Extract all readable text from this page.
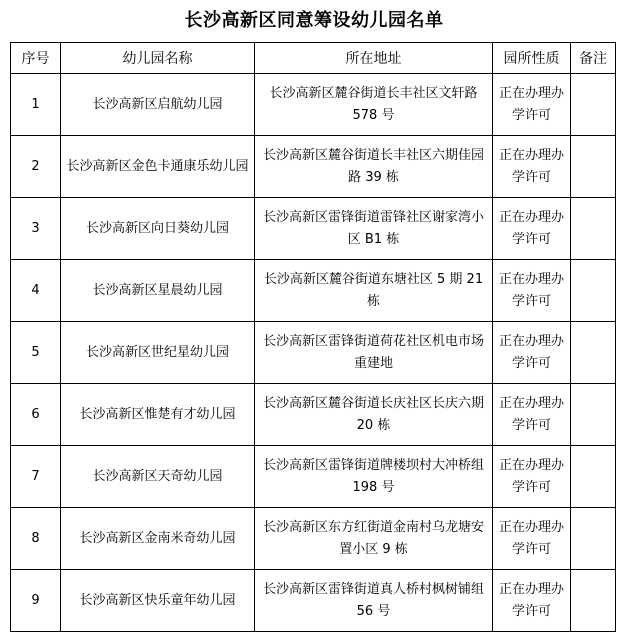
长沙高新区同意筹设幼儿园名单
序号	幼儿园名称	所在地址	园所性质	备注
1	长沙高新区启航幼儿园	长沙高新区麓谷街道长丰社区文轩路 578 号	正在办理办学许可	
2	长沙高新区金色卡通康乐幼儿园	长沙高新区麓谷街道长丰社区六期佳园路 39 栋	正在办理办学许可	
3	长沙高新区向日葵幼儿园	长沙高新区雷锋街道雷锋社区谢家湾小区 B1 栋	正在办理办学许可	
4	长沙高新区星晨幼儿园	长沙高新区麓谷街道东塘社区 5 期 21 栋	正在办理办学许可	
5	长沙高新区世纪星幼儿园	长沙高新区雷锋街道荷花社区机电市场重建地	正在办理办学许可	
6	长沙高新区惟楚有才幼儿园	长沙高新区麓谷街道长庆社区长庆六期 20 栋	正在办理办学许可	
7	长沙高新区天奇幼儿园	长沙高新区雷锋街道牌楼坝村大冲桥组 198 号	正在办理办学许可	
8	长沙高新区金南米奇幼儿园	长沙高新区东方红街道金南村乌龙塘安置小区 9 栋	正在办理办学许可	
9	长沙高新区快乐童年幼儿园	长沙高新区雷锋街道真人桥村枫树铺组 56 号	正在办理办学许可	
